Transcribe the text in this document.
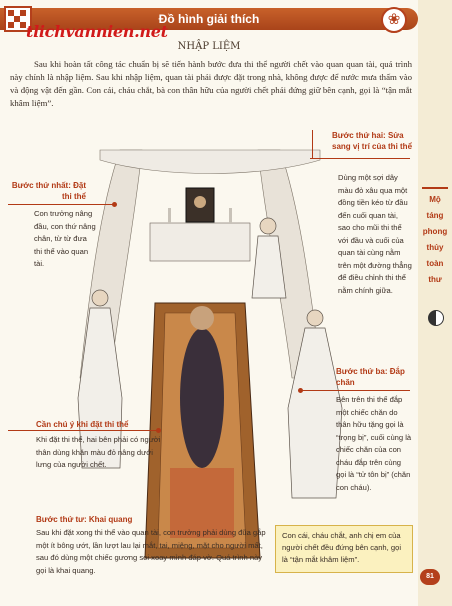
Đồ hình giải thích
tlichvannien.net
❀
Mộ
táng
phong
thủy
toàn
thư
81
NHẬP LIỆM

Sau khi hoàn tất công tác chuẩn bị sẽ tiến hành bước đưa thi thể người chết vào quan quan tài, quá trình này chính là nhập liệm. Sau khi nhập liệm, quan tài phải được đặt trong nhà, không được để nước mưa thấm vào và động vật đến gần. Con cái, cháu chắt, bà con thân hữu của người chết phải đứng giữ bên cạnh, gọi là “tận mắt khâm liệm”.

Bước thứ nhất: Đặt thi thể
Con trưởng nâng đầu, con thứ nâng chân, từ từ đưa thi thể vào quan tài.
Bước thứ hai: Sửa sang vị trí của thi thể
Dùng một sợi dây màu đỏ xâu qua một đồng tiền kéo từ đầu đến cuối quan tài, sao cho mũi thi thể với đầu và cuối của quan tài cùng nằm trên một đường thẳng để điều chỉnh thi thể nằm chính giữa.
Bước thứ ba: Đắp chăn
Bên trên thi thể đắp một chiếc chăn do thân hữu tặng gọi là “trọng bị”, cuối cùng là chiếc chăn của con cháu đắp trên cùng gọi là “tử tôn bị” (chăn con cháu).
Cần chú ý khi đặt thi thể
Khi đặt thi thể, hai bên phải có người thân dùng khăn màu đỏ nâng dưới lưng của người chết.
Bước thứ tư: Khai quang
Sau khi đặt xong thi thể vào quan tài, con trưởng phải dùng đũa gắp một ít bông ướt, lần lượt lau lại mắt, tai, miệng, mặt cho người mất, sau đó dùng một chiếc gương soi xoay mình đáp vờ. Quá trình này gọi là khai quang.
Con cái, cháu chắt, anh chị em của người chết đều đứng bên cạnh, gọi là “tận mắt khâm liệm”.
